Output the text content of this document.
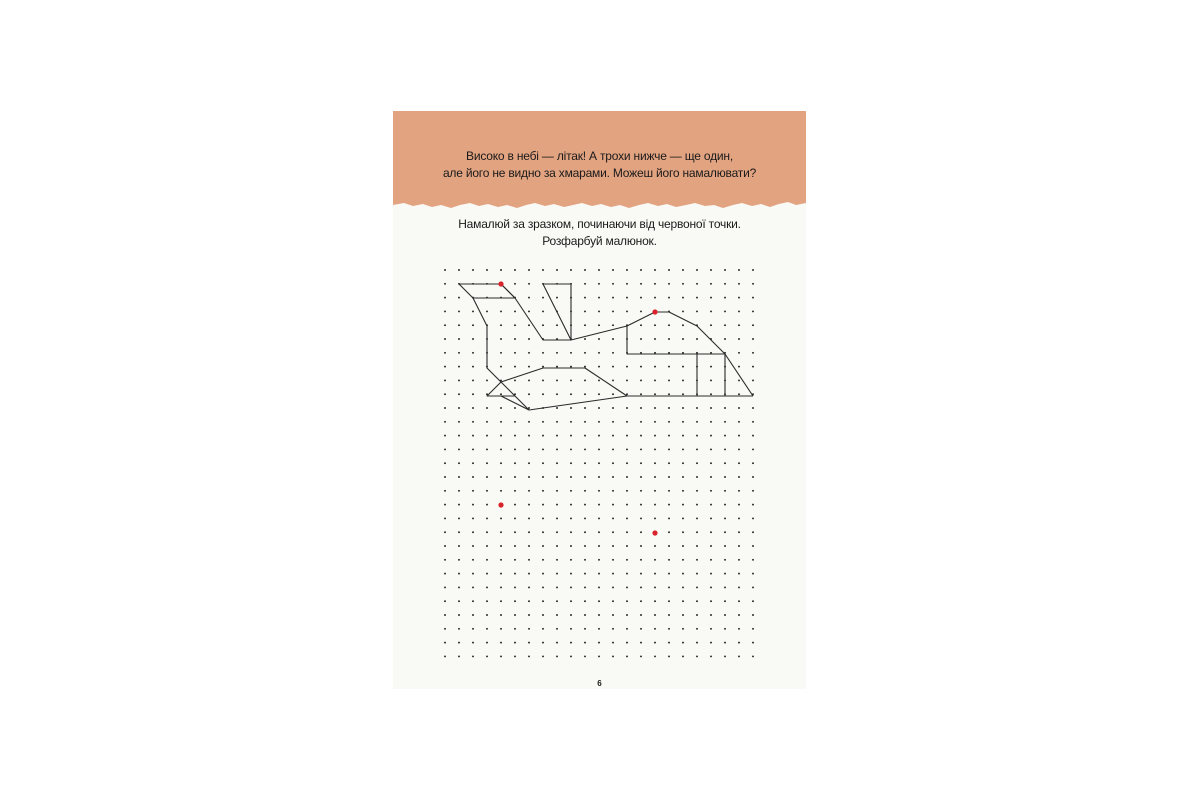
Високо в небі — літак! А трохи нижче — ще один,
але його не видно за хмарами. Можеш його намалювати?
Намалюй за зразком, починаючи від червоної точки.
Розфарбуй малюнок.
6
